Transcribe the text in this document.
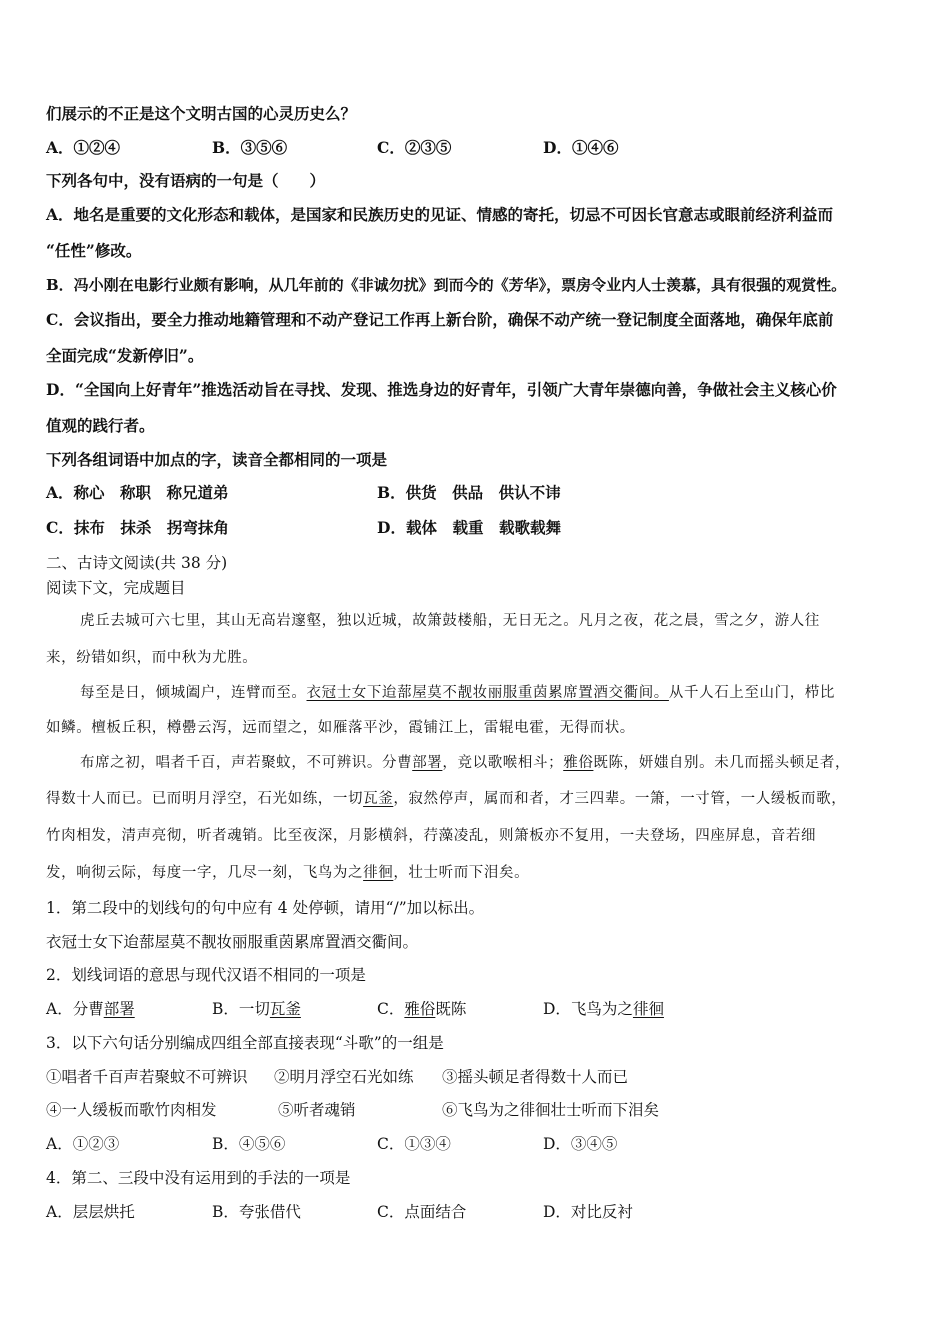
们展示的不正是这个文明古国的心灵历史么？
A．①②④	B．③⑤⑥	C．②③⑤	D．①④⑥
下列各句中，没有语病的一句是（　　）
A．地名是重要的文化形态和载体，是国家和民族历史的见证、情感的寄托，切忌不可因长官意志或眼前经济利益而
“任性”修改。
B．冯小刚在电影行业颇有影响，从几年前的《非诚勿扰》到而今的《芳华》，票房令业内人士羡慕，具有很强的观赏性。
C．会议指出，要全力推动地籍管理和不动产登记工作再上新台阶，确保不动产统一登记制度全面落地，确保年底前
全面完成“发新停旧”。
D．“全国向上好青年”推选活动旨在寻找、发现、推选身边的好青年，引领广大青年崇德向善，争做社会主义核心价
值观的践行者。
下列各组词语中加点的字，读音全都相同的一项是
A．称心　称职　称兄道弟	B．供货　供品　供认不讳
C．抹布　抹杀　拐弯抹角	D．载体　载重　载歌载舞
二、古诗文阅读(共 38 分)
阅读下文，完成题目
虎丘去城可六七里，其山无高岩邃壑，独以近城，故箫鼓楼船，无日无之。凡月之夜，花之晨，雪之夕，游人往
来，纷错如织，而中秋为尤胜。
每至是日，倾城阖户，连臂而至。衣冠士女下迨蔀屋莫不靓妆丽服重茵累席置酒交衢间。从千人石上至山门，栉比
如鳞。檀板丘积，樽罍云泻，远而望之，如雁落平沙，霞铺江上，雷辊电霍，无得而状。
布席之初，唱者千百，声若聚蚊，不可辨识。分曹部署，竞以歌喉相斗；雅俗既陈，妍媸自别。未几而摇头顿足者，
得数十人而已。已而明月浮空，石光如练，一切瓦釜，寂然停声，属而和者，才三四辈。一箫，一寸管，一人缓板而歌，
竹肉相发，清声亮彻，听者魂销。比至夜深，月影横斜，荇藻凌乱，则箫板亦不复用，一夫登场，四座屏息，音若细
发，响彻云际，每度一字，几尽一刻，飞鸟为之徘徊，壮士听而下泪矣。
1．第二段中的划线句的句中应有 4 处停顿，请用“/”加以标出。
衣冠士女下迨蔀屋莫不靓妆丽服重茵累席置酒交衢间。
2．划线词语的意思与现代汉语不相同的一项是
A．分曹部署	B．一切瓦釜	C．雅俗既陈	D．飞鸟为之徘徊
3．以下六句话分别编成四组全部直接表现“斗歌”的一组是
①唱者千百声若聚蚊不可辨识 ②明月浮空石光如练 ③摇头顿足者得数十人而已
④一人缓板而歌竹肉相发	⑤听者魂销	⑥飞鸟为之徘徊壮士听而下泪矣
A．①②③	B．④⑤⑥	C．①③④	D．③④⑤
4．第二、三段中没有运用到的手法的一项是
A．层层烘托	B．夸张借代	C．点面结合	D．对比反衬
